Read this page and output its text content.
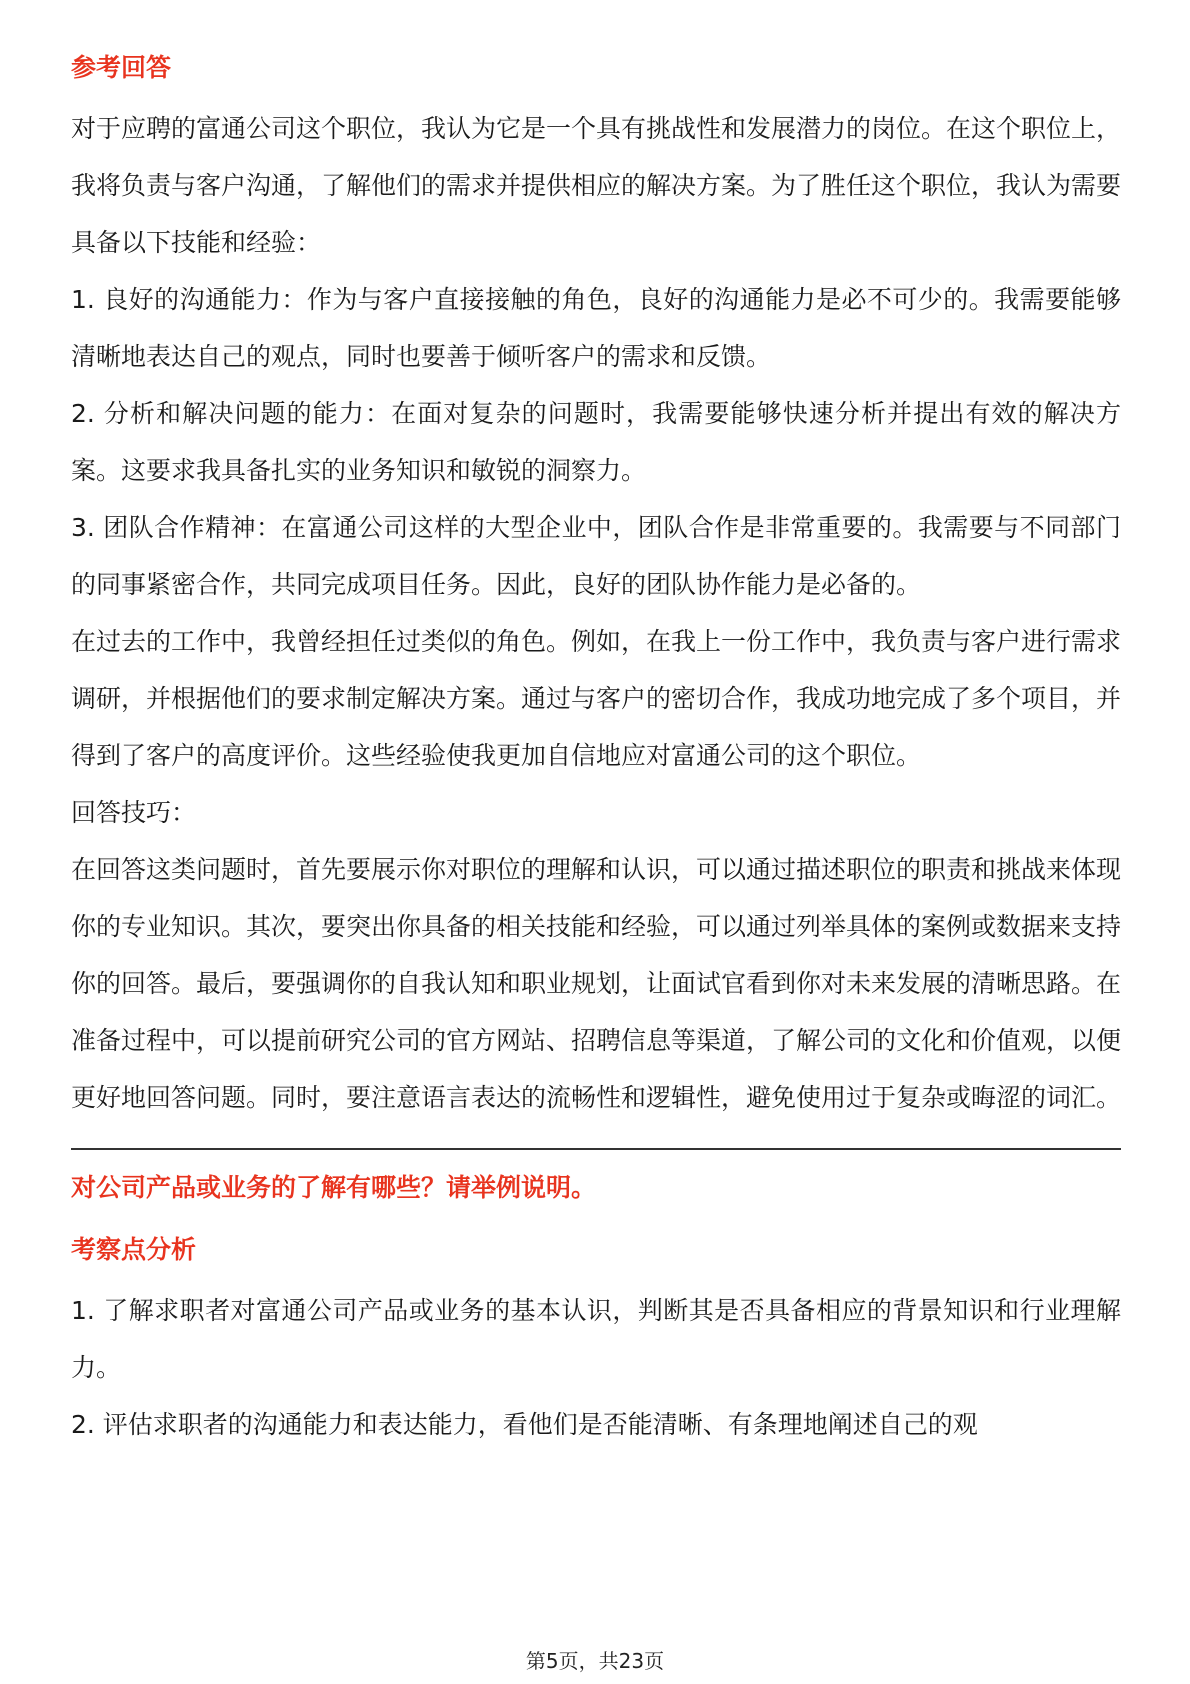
参考回答

对于应聘的富通公司这个职位，我认为它是一个具有挑战性和发展潜力的岗位。在这个职位上，我将负责与客户沟通，了解他们的需求并提供相应的解决方案。为了胜任这个职位，我认为需要具备以下技能和经验：

1. 良好的沟通能力：作为与客户直接接触的角色，良好的沟通能力是必不可少的。我需要能够清晰地表达自己的观点，同时也要善于倾听客户的需求和反馈。

2. 分析和解决问题的能力：在面对复杂的问题时，我需要能够快速分析并提出有效的解决方案。这要求我具备扎实的业务知识和敏锐的洞察力。

3. 团队合作精神：在富通公司这样的大型企业中，团队合作是非常重要的。我需要与不同部门的同事紧密合作，共同完成项目任务。因此，良好的团队协作能力是必备的。

在过去的工作中，我曾经担任过类似的角色。例如，在我上一份工作中，我负责与客户进行需求调研，并根据他们的要求制定解决方案。通过与客户的密切合作，我成功地完成了多个项目，并得到了客户的高度评价。这些经验使我更加自信地应对富通公司的这个职位。

回答技巧：

在回答这类问题时，首先要展示你对职位的理解和认识，可以通过描述职位的职责和挑战来体现你的专业知识。其次，要突出你具备的相关技能和经验，可以通过列举具体的案例或数据来支持你的回答。最后，要强调你的自我认知和职业规划，让面试官看到你对未来发展的清晰思路。在准备过程中，可以提前研究公司的官方网站、招聘信息等渠道，了解公司的文化和价值观，以便更好地回答问题。同时，要注意语言表达的流畅性和逻辑性，避免使用过于复杂或晦涩的词汇。

对公司产品或业务的了解有哪些？请举例说明。
考察点分析

1. 了解求职者对富通公司产品或业务的基本认识，判断其是否具备相应的背景知识和行业理解力。

2. 评估求职者的沟通能力和表达能力，看他们是否能清晰、有条理地阐述自己的观

第5页，共23页
